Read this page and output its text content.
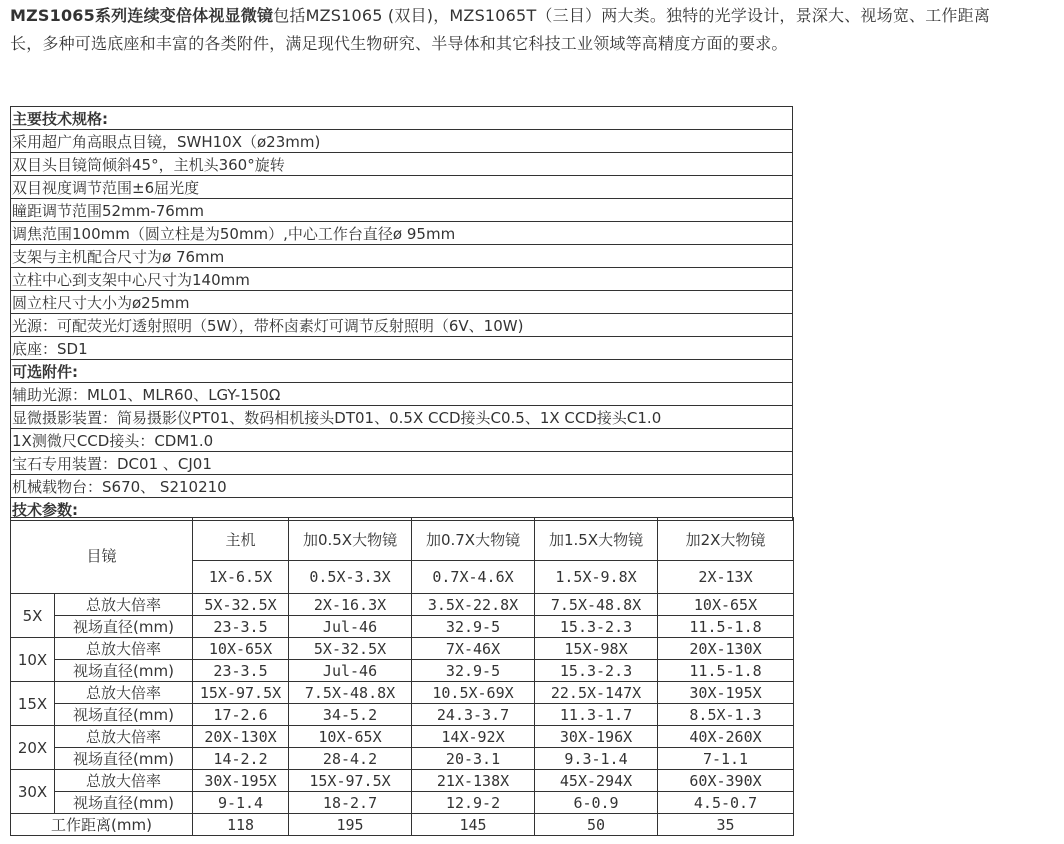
MZS1065系列连续变倍体视显微镜包括MZS1065 (双目)，MZS1065T（三目）两大类。独特的光学设计，景深大、视场宽、工作距离长，多种可选底座和丰富的各类附件，满足现代生物研究、半导体和其它科技工业领域等高精度方面的要求。
主要技术规格:
采用超广角高眼点目镜，SWH10X（ø23mm)
双目头目镜筒倾斜45°，主机头360°旋转
双目视度调节范围±6屈光度
瞳距调节范围52mm-76mm
调焦范围100mm（圆立柱是为50mm）,中心工作台直径ø 95mm
支架与主机配合尺寸为ø 76mm
立柱中心到支架中心尺寸为140mm
圆立柱尺寸大小为ø25mm
光源：可配荧光灯透射照明（5W），带杯卤素灯可调节反射照明（6V、10W)
底座：SD1
可选附件:
辅助光源：ML01、MLR60、LGY-150Ω
显微摄影装置：简易摄影仪PT01、数码相机接头DT01、0.5X CCD接头C0.5、1X CCD接头C1.0
1X测微尺CCD接头：CDM1.0
宝石专用装置：DC01 、CJ01
机械载物台：S670、 S210210
技术参数:
目镜		主机	加0.5X大物镜	加0.7X大物镜	加1.5X大物镜	加2X大物镜
		1X-6.5X	0.5X-3.3X	0.7X-4.6X	1.5X-9.8X	2X-13X
5X	总放大倍率	5X-32.5X	2X-16.3X	3.5X-22.8X	7.5X-48.8X	10X-65X
	视场直径(mm)	23-3.5	Jul-46	32.9-5	15.3-2.3	11.5-1.8
10X	总放大倍率	10X-65X	5X-32.5X	7X-46X	15X-98X	20X-130X
	视场直径(mm)	23-3.5	Jul-46	32.9-5	15.3-2.3	11.5-1.8
15X	总放大倍率	15X-97.5X	7.5X-48.8X	10.5X-69X	22.5X-147X	30X-195X
	视场直径(mm)	17-2.6	34-5.2	24.3-3.7	11.3-1.7	8.5X-1.3
20X	总放大倍率	20X-130X	10X-65X	14X-92X	30X-196X	40X-260X
	视场直径(mm)	14-2.2	28-4.2	20-3.1	9.3-1.4	7-1.1
30X	总放大倍率	30X-195X	15X-97.5X	21X-138X	45X-294X	60X-390X
	视场直径(mm)	9-1.4	18-2.7	12.9-2	6-0.9	4.5-0.7
工作距离(mm)		118	195	145	50	35
